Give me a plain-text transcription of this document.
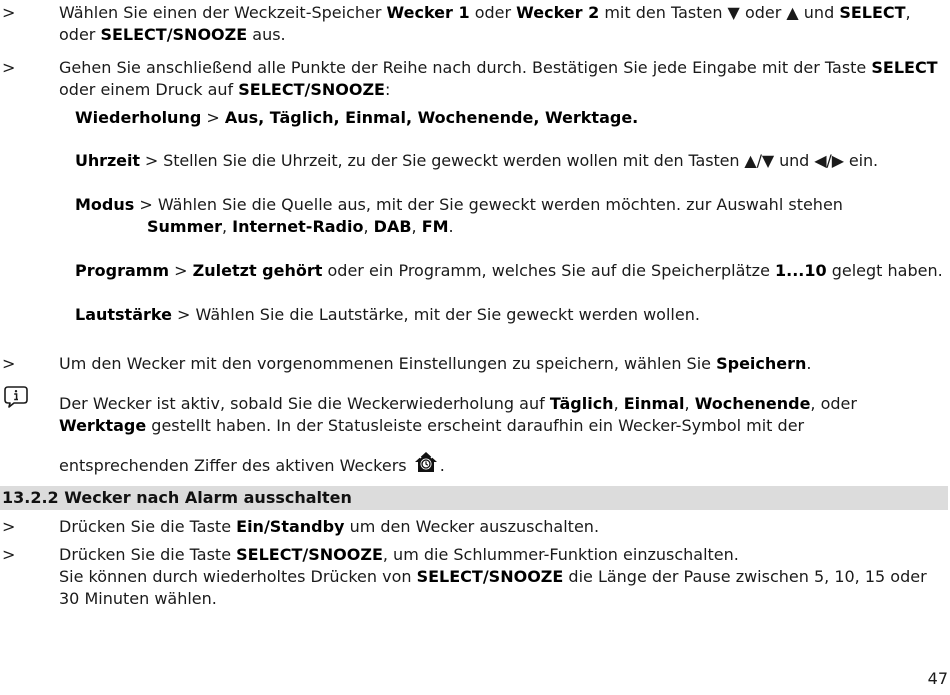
>	Wählen Sie einen der Weckzeit-Speicher Wecker 1 oder Wecker 2 mit den Tasten ▼ oder ▲ und SELECT, oder SELECT/SNOOZE aus.
>	Gehen Sie anschließend alle Punkte der Reihe nach durch. Bestätigen Sie jede Eingabe mit der Taste SELECT oder einem Druck auf SELECT/SNOOZE:
Wiederholung > Aus, Täglich, Einmal, Wochenende, Werktage.
Uhrzeit > Stellen Sie die Uhrzeit, zu der Sie geweckt werden wollen mit den Tasten ▲/▼ und ◀/▶ ein.
Modus > Wählen Sie die Quelle aus, mit der Sie geweckt werden möchten. zur Auswahl stehen
Summer, Internet-Radio, DAB, FM.
Programm > Zuletzt gehört oder ein Programm, welches Sie auf die Speicherplätze 1...10 gelegt haben.
Lautstärke > Wählen Sie die Lautstärke, mit der Sie geweckt werden wollen.
>	Um den Wecker mit den vorgenommenen Einstellungen zu speichern, wählen Sie Speichern.
Der Wecker ist aktiv, sobald Sie die Weckerwiederholung auf Täglich, Einmal, Wochenende, oder Werktage gestellt haben. In der Statusleiste erscheint daraufhin ein Wecker-Symbol mit der
entsprechenden Ziffer des aktiven Weckers .
13.2.2 Wecker nach Alarm ausschalten
>	Drücken Sie die Taste Ein/Standby um den Wecker auszuschalten.
>	Drücken Sie die Taste SELECT/SNOOZE, um die Schlummer-Funktion einzuschalten.
Sie können durch wiederholtes Drücken von SELECT/SNOOZE die Länge der Pause zwischen 5, 10, 15 oder 30 Minuten wählen.
47
